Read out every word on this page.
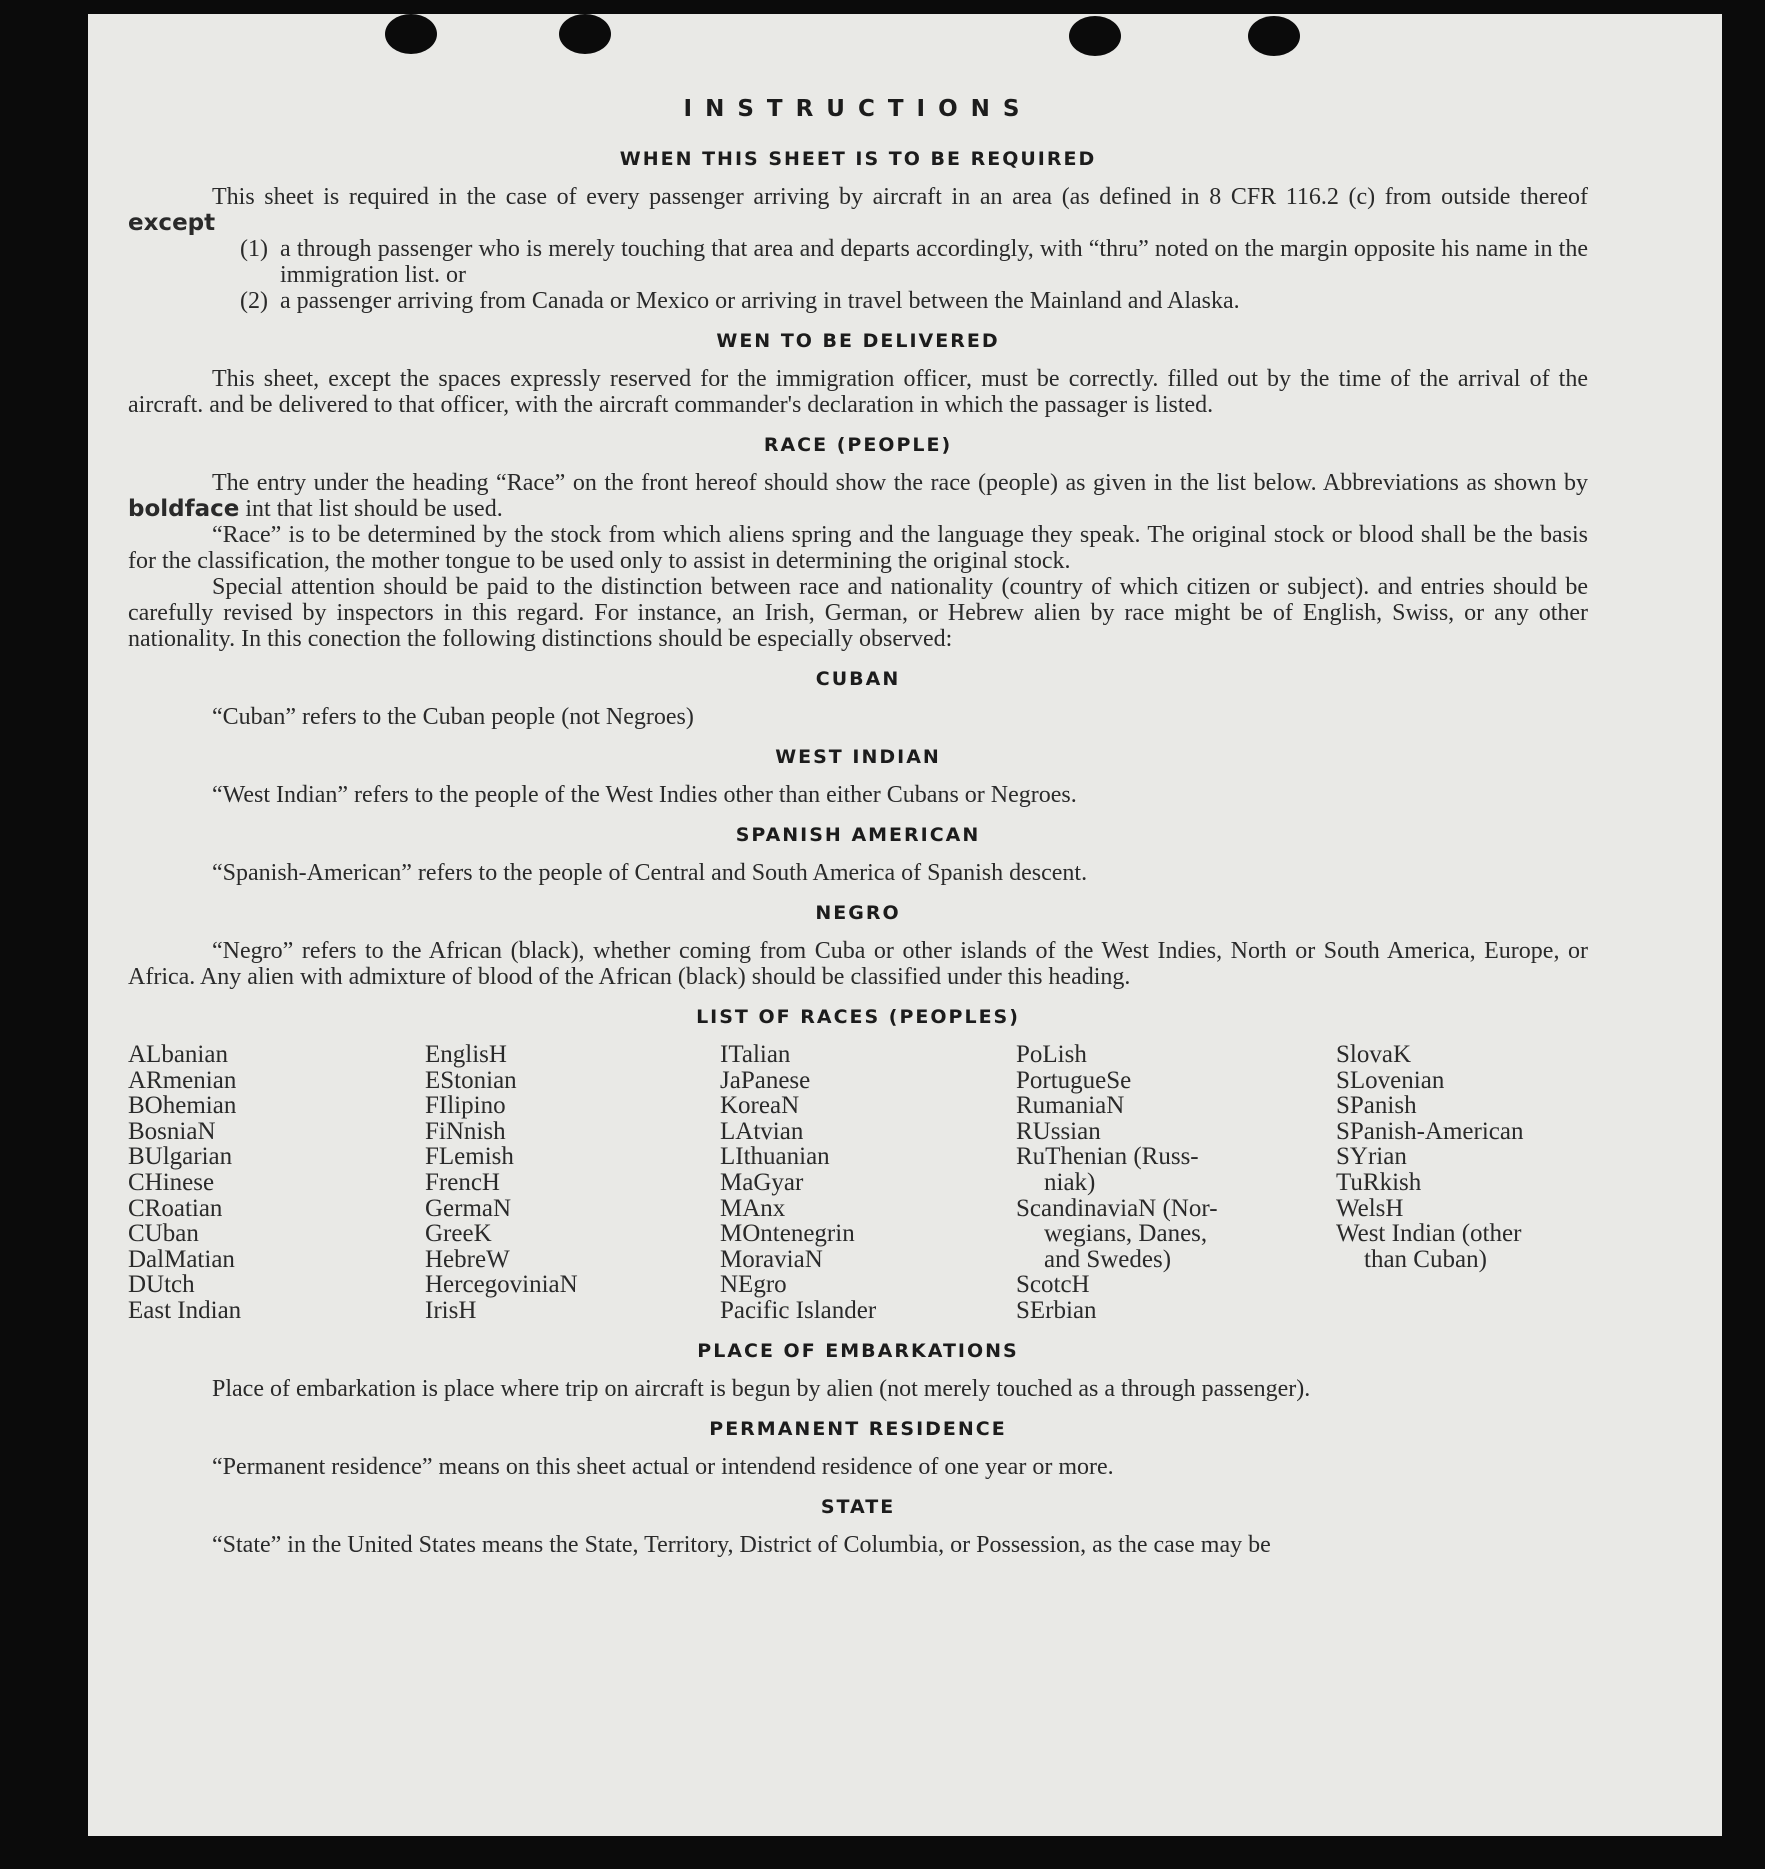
INSTRUCTIONS
WHEN THIS SHEET IS TO BE REQUIRED

This sheet is required in the case of every passenger arriving by aircraft in an area (as defined in 8 CFR 116.2 (c) from outside thereof except

(1) a through passenger who is merely touching that area and departs accordingly, with “thru” noted on the margin opposite his name in the immigration list. or
(2) a passenger arriving from Canada or Mexico or arriving in travel between the Mainland and Alaska.
WEN TO BE DELIVERED

This sheet, except the spaces expressly reserved for the immigration officer, must be correctly. filled out by the time of the arrival of the aircraft. and be delivered to that officer, with the aircraft commander's declaration in which the passager is listed.

RACE (PEOPLE)

The entry under the heading “Race” on the front hereof should show the race (people) as given in the list below. Abbreviations as shown by boldface int that list should be used.

“Race” is to be determined by the stock from which aliens spring and the language they speak. The original stock or blood shall be the basis for the classification, the mother tongue to be used only to assist in determining the original stock.

Special attention should be paid to the distinction between race and nationality (country of which citizen or subject). and entries should be carefully revised by inspectors in this regard. For instance, an Irish, German, or Hebrew alien by race might be of English, Swiss, or any other nationality. In this conection the following distinctions should be especially observed:

CUBAN

“Cuban” refers to the Cuban people (not Negroes)

WEST INDIAN

“West Indian” refers to the people of the West Indies other than either Cubans or Negroes.

SPANISH AMERICAN

“Spanish-American” refers to the people of Central and South America of Spanish descent.

NEGRO

“Negro” refers to the African (black), whether coming from Cuba or other islands of the West Indies, North or South America, Europe, or Africa. Any alien with admixture of blood of the African (black) should be classified under this heading.

LIST OF RACES (PEOPLES)
ALbanian
ARmenian
BOhemian
BosniaN
BUlgarian
CHinese
CRoatian
CUban
DalMatian
DUtch
East Indian
EnglisH
EStonian
FIlipino
FiNnish
FLemish
FrencH
GermaN
GreeK
HebreW
HercegoviniaN
IrisH
ITalian
JaPanese
KoreaN
LAtvian
LIthuanian
MaGyar
MAnx
MOntenegrin
MoraviaN
NEgro
Pacific Islander
PoLish
PortugueSe
RumaniaN
RUssian
RuThenian (Russ-
niak)
ScandinaviaN (Nor-
wegians, Danes,
and Swedes)
ScotcH
SErbian
SlovaK
SLovenian
SPanish
SPanish-American
SYrian
TuRkish
WelsH
West Indian (other
than Cuban)
PLACE OF EMBARKATIONS

Place of embarkation is place where trip on aircraft is begun by alien (not merely touched as a through passenger).

PERMANENT RESIDENCE

“Permanent residence” means on this sheet actual or intendend residence of one year or more.

STATE

“State” in the United States means the State, Territory, District of Columbia, or Possession, as the case may be
